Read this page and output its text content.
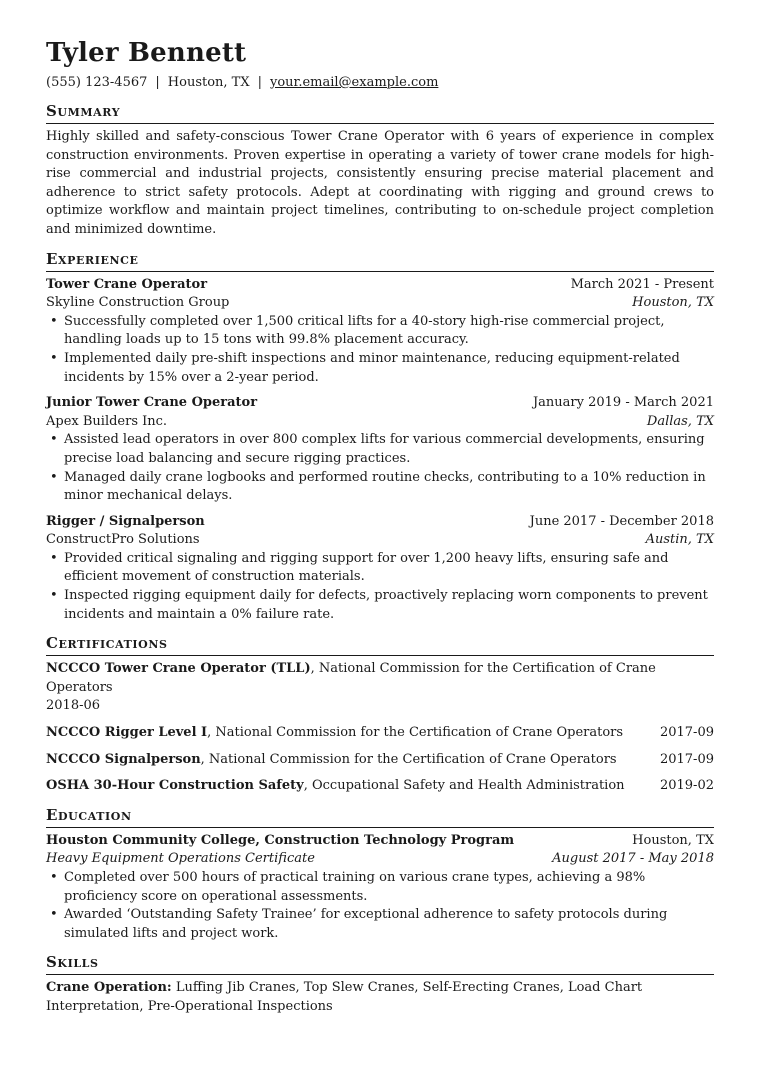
Tyler Bennett
(555) 123-4567 | Houston, TX | your.email@example.com
Summary
Highly skilled and safety-conscious Tower Crane Operator with 6 years of experience in complex construction environments. Proven expertise in operating a variety of tower crane models for high-rise commercial and industrial projects, consistently ensuring precise material placement and adherence to strict safety protocols. Adept at coordinating with rigging and ground crews to optimize workflow and maintain project timelines, contributing to on-schedule project completion and minimized downtime.
Experience
Tower Crane Operator	March 2021 - Present
Skyline Construction Group	Houston, TX
• Successfully completed over 1,500 critical lifts for a 40-story high-rise commercial project, handling loads up to 15 tons with 99.8% placement accuracy.
• Implemented daily pre-shift inspections and minor maintenance, reducing equipment-related incidents by 15% over a 2-year period.
Junior Tower Crane Operator	January 2019 - March 2021
Apex Builders Inc.	Dallas, TX
• Assisted lead operators in over 800 complex lifts for various commercial developments, ensuring precise load balancing and secure rigging practices.
• Managed daily crane logbooks and performed routine checks, contributing to a 10% reduction in minor mechanical delays.
Rigger / Signalperson	June 2017 - December 2018
ConstructPro Solutions	Austin, TX
• Provided critical signaling and rigging support for over 1,200 heavy lifts, ensuring safe and efficient movement of construction materials.
• Inspected rigging equipment daily for defects, proactively replacing worn components to prevent incidents and maintain a 0% failure rate.
Certifications
NCCCO Tower Crane Operator (TLL), National Commission for the Certification of Crane Operators
2018-06
NCCCO Rigger Level I, National Commission for the Certification of Crane Operators	2017-09
NCCCO Signalperson, National Commission for the Certification of Crane Operators	2017-09
OSHA 30-Hour Construction Safety, Occupational Safety and Health Administration	2019-02
Education
Houston Community College, Construction Technology Program	Houston, TX
Heavy Equipment Operations Certificate	August 2017 - May 2018
• Completed over 500 hours of practical training on various crane types, achieving a 98% proficiency score on operational assessments.
• Awarded ‘Outstanding Safety Trainee’ for exceptional adherence to safety protocols during simulated lifts and project work.
Skills
Crane Operation: Luffing Jib Cranes, Top Slew Cranes, Self-Erecting Cranes, Load Chart Interpretation, Pre-Operational Inspections
